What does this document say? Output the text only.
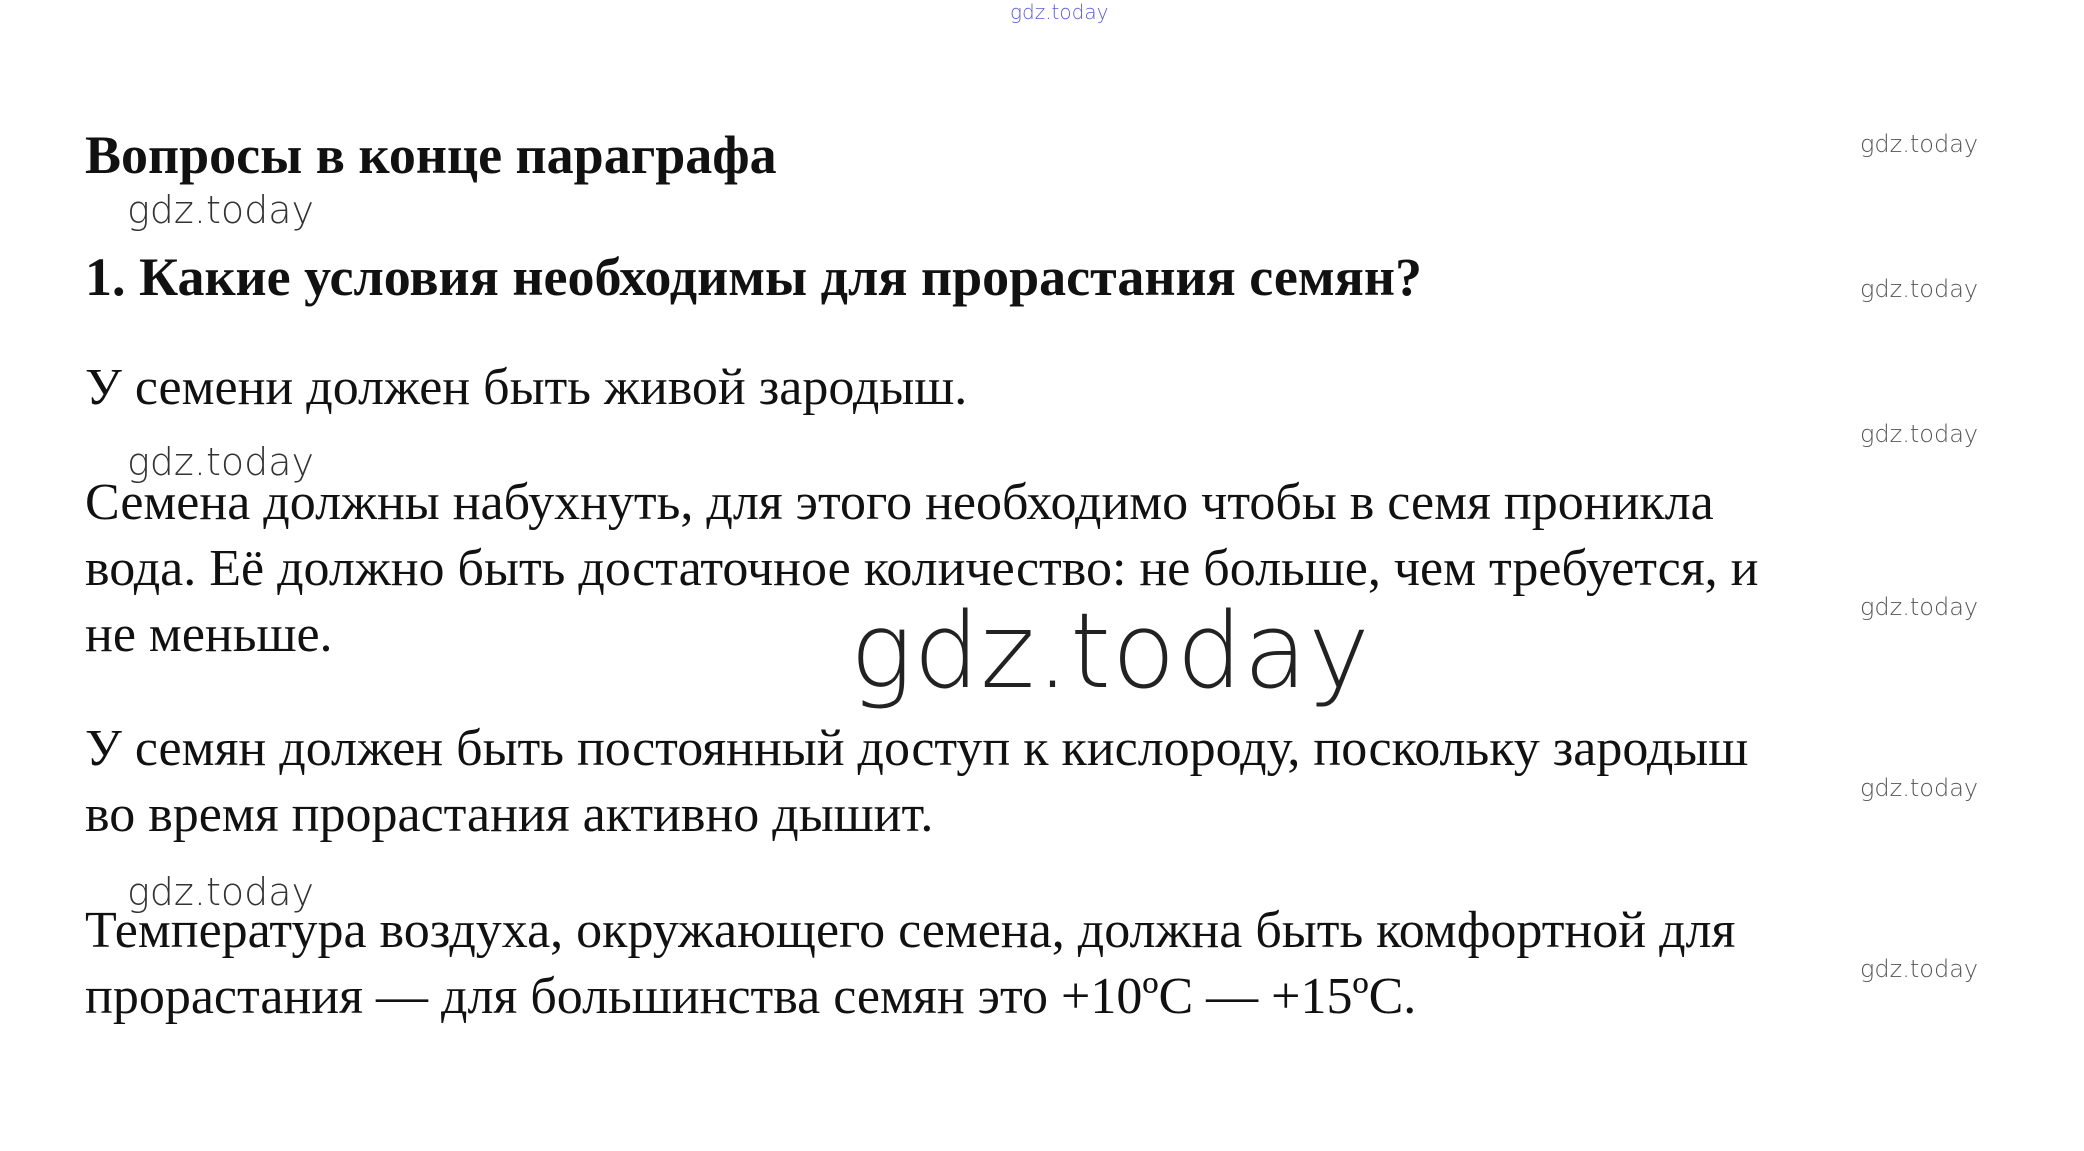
gdz.today
Вопросы в конце параграфа
gdz.today
1. Какие условия необходимы для прорастания семян?
У семени должен быть живой зародыш.
gdz.today
Семена должны набухнуть, для этого необходимо чтобы в семя проникла
вода. Её должно быть достаточное количество: не больше, чем требуется, и
не меньше.
У семян должен быть постоянный доступ к кислороду, поскольку зародыш
во время прорастания активно дышит.
gdz.today
Температура воздуха, окружающего семена, должна быть комфортной для
прорастания — для большинства семян это +10ºС — +15ºС.
gdz.today
gdz.today
gdz.today
gdz.today
gdz.today
gdz.today
gdz.today
